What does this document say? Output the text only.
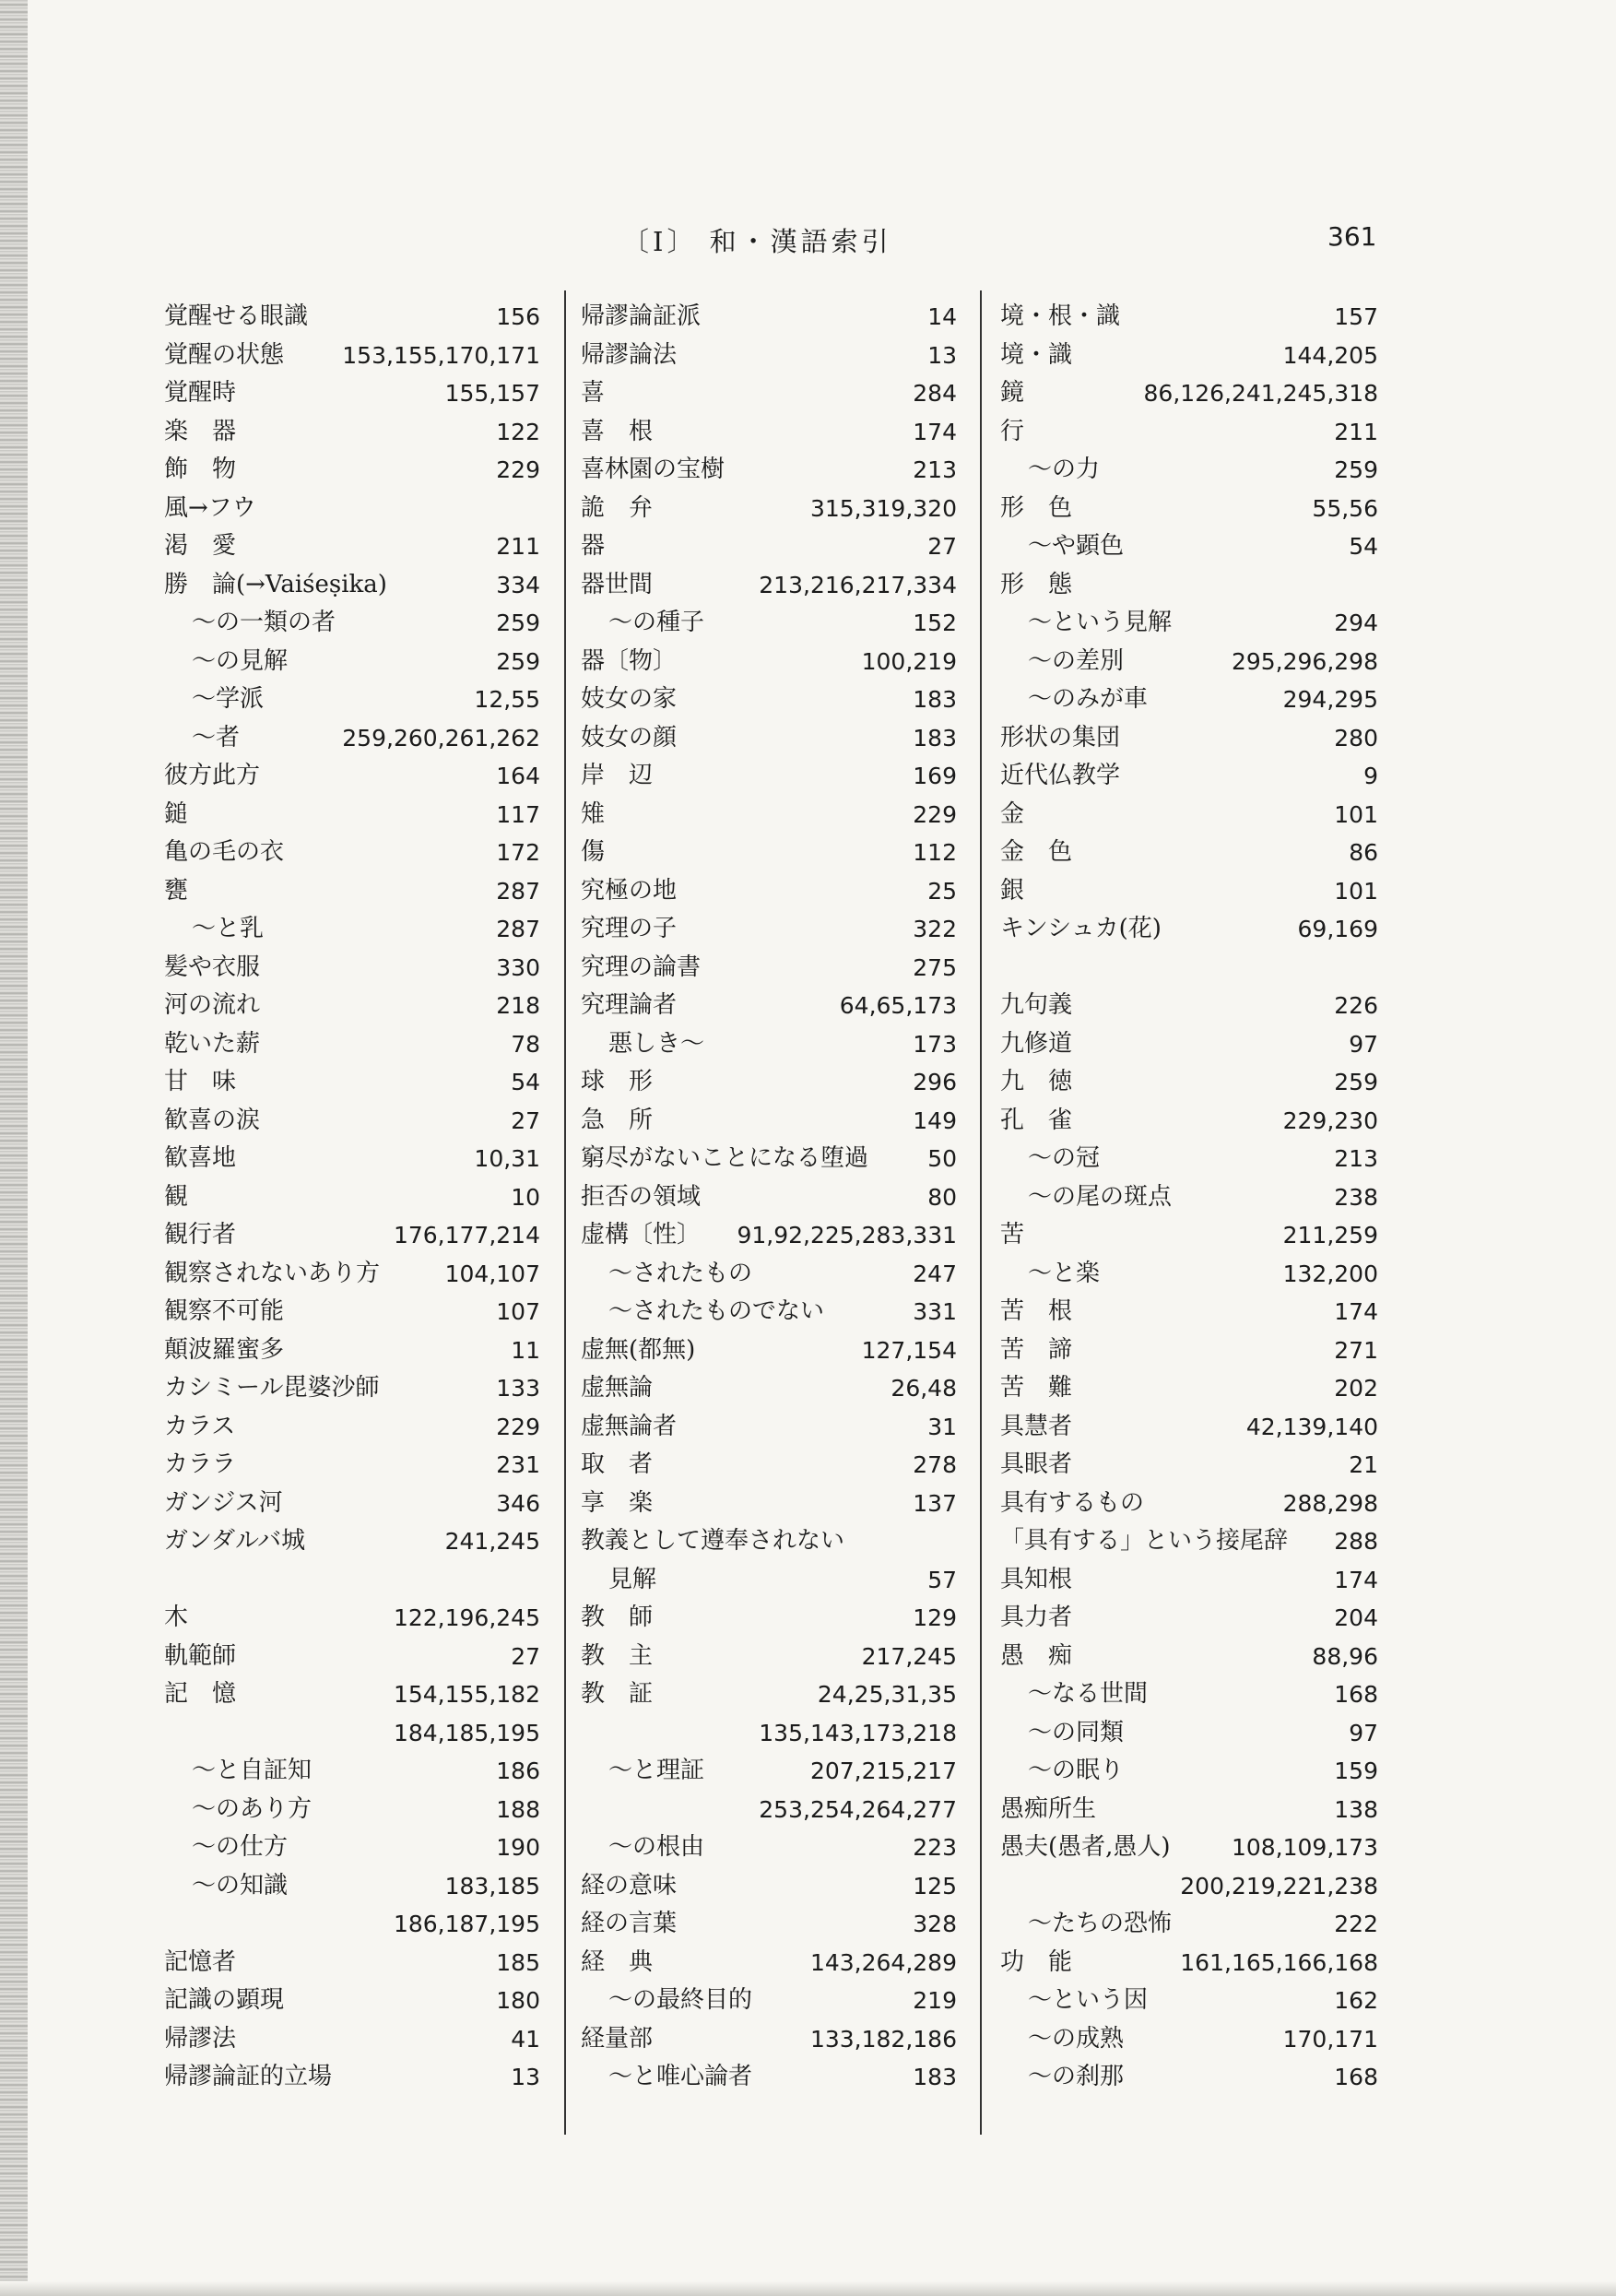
〔I〕 和・漢語索引	361
覚醒せる眼識	156
覚醒の状態	153,155,170,171
覚醒時	155,157
楽　器	122
飾　物	229
風→フウ
渇　愛	211
勝　論(→Vaiśeṣika)	334
～の一類の者	259
～の見解	259
～学派	12,55
～者	259,260,261,262
彼方此方	164
鎚	117
亀の毛の衣	172
甕	287
～と乳	287
髪や衣服	330
河の流れ	218
乾いた薪	78
甘　味	54
歓喜の涙	27
歓喜地	10,31
観	10
観行者	176,177,214
観察されないあり方	104,107
観察不可能	107
顛波羅蜜多	11
カシミール毘婆沙師	133
カラス	229
カララ	231
ガンジス河	346
ガンダルバ城	241,245
木	122,196,245
軌範師	27
記　憶	154,155,182
184,185,195
～と自証知	186
～のあり方	188
～の仕方	190
～の知識	183,185
186,187,195
記憶者	185
記識の顕現	180
帰謬法	41
帰謬論証的立場	13
帰謬論証派	14
帰謬論法	13
喜	284
喜　根	174
喜林園の宝樹	213
詭　弁	315,319,320
器	27
器世間	213,216,217,334
～の種子	152
器〔物〕	100,219
妓女の家	183
妓女の顔	183
岸　辺	169
雉	229
傷	112
究極の地	25
究理の子	322
究理の論書	275
究理論者	64,65,173
悪しき～	173
球　形	296
急　所	149
窮尽がないことになる堕過	50
拒否の領域	80
虚構〔性〕 91,92,225,283,331
～されたもの	247
～されたものでない	331
虚無(都無)	127,154
虚無論	26,48
虚無論者	31
取　者	278
享　楽	137
教義として遵奉されない
見解	57
教　師	129
教　主	217,245
教　証	24,25,31,35
135,143,173,218
～と理証	207,215,217
253,254,264,277
～の根由	223
経の意味	125
経の言葉	328
経　典	143,264,289
～の最終目的	219
経量部	133,182,186
～と唯心論者	183
境・根・識	157
境・識	144,205
鏡	86,126,241,245,318
行	211
～の力	259
形　色	55,56
～や顕色	54
形　態
～という見解	294
～の差別	295,296,298
～のみが車	294,295
形状の集団	280
近代仏教学	9
金	101
金　色	86
銀	101
キンシュカ(花)	69,169
九句義	226
九修道	97
九　徳	259
孔　雀	229,230
～の冠	213
～の尾の斑点	238
苦	211,259
～と楽	132,200
苦　根	174
苦　諦	271
苦　難	202
具慧者	42,139,140
具眼者	21
具有するもの	288,298
「具有する」という接尾辞 288
具知根	174
具力者	204
愚　痴	88,96
～なる世間	168
～の同類	97
～の眠り	159
愚痴所生	138
愚夫(愚者,愚人)	108,109,173
200,219,221,238
～たちの恐怖	222
功　能	161,165,166,168
～という因	162
～の成熟	170,171
～の刹那	168
